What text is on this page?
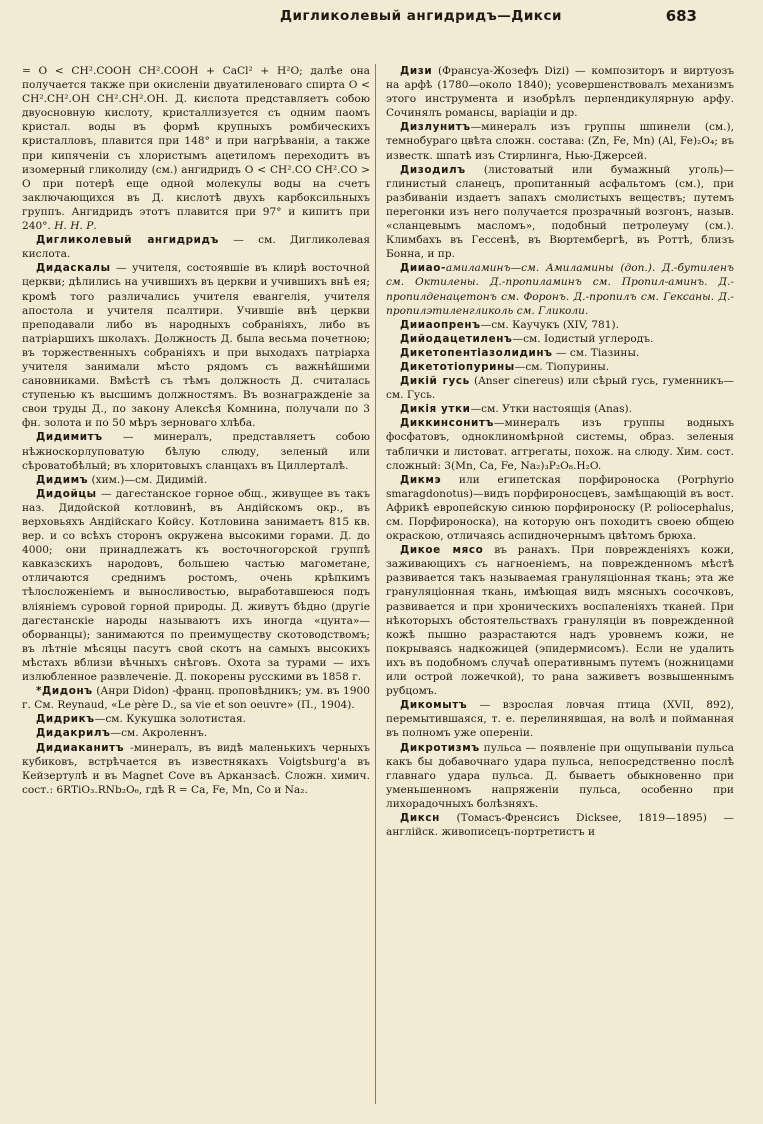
Дигликолевый ангидридъ—Дикси	683

= O < CH².COOH CH².COOH + CaCl² + H²O; далѣе она получается также при окисленіи двуатиленоваго спирта O < CH².CH².OH CH².CH².OH. Д. кислота представляетъ собою двуосновную кислоту, кристаллизуется съ одним паомъ кристал. воды въ формѣ крупныхъ ромбическихъ кристалловъ, плавится при 148° и при нагрѣваніи, а также при кипяченіи съ хлористымъ ацетиломъ переходитъ въ изомерный гликолиду (см.) ангидридъ O < CH².CO CH².CO > O при потерѣ еще одной молекулы воды на счетъ заключающихся въ Д. кислотѣ двухъ карбоксильныхъ группъ. Ангидридъ этотъ плавится при 97° и кипитъ при 240°. Н. Н. Р.

Дигликолевый ангидридъ — см. Дигликолевая кислота.

Дидаскалы — учителя, состоявшіе въ клирѣ восточной церкви; дѣлились на учившихъ въ церкви и учившихъ внѣ ея; кромѣ того различались учителя евангелія, учителя апостола и учителя псалтири. Учившіе внѣ церкви преподавали либо въ народныхъ собраніяхъ, либо въ патріаршихъ школахъ. Должность Д. была весьма почетною; въ торжественныхъ собраніяхъ и при выходахъ патріарха учителя занимали мѣсто рядомъ съ важнѣйшими сановниками. Вмѣстѣ съ тѣмъ должность Д. считалась ступенью къ высшимъ должностямъ. Въ вознагражденіе за свои труды Д., по закону Алексѣя Комнина, получали по 3 фн. золота и по 50 мѣръ зерноваго хлѣба.

Дидимитъ — минералъ, представляетъ собою нѣжноскорлуповатую бѣлую слюду, зеленый или сѣроватобѣлый; въ хлоритовыхъ сланцахъ въ Циллерталѣ.

Дидимъ (хим.)—см. Дидимій.

Дидойцы — дагестанское горное общ., живущее въ такъ наз. Дидойской котловинѣ, въ Андійскомъ окр., въ верховьяхъ Андійскаго Койсу. Котловина занимаетъ 815 кв. вер. и со всѣхъ сторонъ окружена высокими горами. Д. до 4000; они принадлежатъ къ восточногорской группѣ кавказскихъ народовъ, большею частью магометане, отличаются среднимъ ростомъ, очень крѣпкимъ тѣлосложеніемъ и выносливостью, выработавшеюся подъ вліяніемъ суровой горной природы. Д. живутъ бѣдно (другіе дагестанскіе народы называютъ ихъ иногда «цунта»—оборванцы); занимаются по преимуществу скотоводствомъ; въ лѣтніе мѣсяцы пасутъ свой скотъ на самыхъ высокихъ мѣстахъ вблизи вѣчныхъ снѣговъ. Охота за турами — ихъ излюбленное развлеченіе. Д. покорены русскими въ 1858 г.

*Дидонъ (Анри Didon) -франц. проповѣдникъ; ум. въ 1900 г. См. Reynaud, «Le père D., sa vie et son oeuvre» (П., 1904).

Дидрикъ—см. Кукушка золотистая.

Дидакрилъ—см. Акроленнъ.

Дидиаканитъ -минералъ, въ видѣ маленькихъ черныхъ кубиковъ, встрѣчается въ известнякахъ Voigtsburg'а въ Кейзертулѣ и въ Magnet Cove въ Арканзасѣ. Сложн. химич. сост.: 6RTiO₃.RNb₂O₆, гдѣ R = Ca, Fe, Mn, Co и Na₂.

Дизи (Франсуа-Жозефъ Dizi) — композиторъ и виртуозъ на арфѣ (1780—около 1840); усовершенствовалъ механизмъ этого инструмента и изобрѣлъ перпендикулярную арфу. Сочинялъ романсы, варіаціи и др.

Дизлунитъ—минералъ изъ группы шпинели (см.), темнобураго цвѣта сложн. состава: (Zn, Fe, Mn) (Al, Fe)₂O₄; въ известк. шпатѣ изъ Стирлинга, Нью-Джерсей.

Дизодилъ (листоватый или бумажный уголь)—глинистый сланецъ, пропитанный асфальтомъ (см.), при разбиваніи издаетъ запахъ смолистыхъ веществъ; путемъ перегонки изъ него получается прозрачный возгонъ, назыв. «сланцевымъ масломъ», подобный петролеуму (см.). Климбахъ въ Гессенѣ, въ Вюртембергѣ, въ Роттѣ, близъ Бонна, и пр.

Дииао-амиламинъ—см. Амиламины (доп.). Д.-бутиленъ см. Октилены. Д.-пропиламинъ см. Пропил-аминъ. Д.-пропилденацетонъ см. Форонъ. Д.-пропилъ см. Гексаны. Д.-пропилэтиленгликоль см. Гликоли.

Дииаопренъ—см. Каучукъ (XIV, 781).

Дийодацетиленъ—см. Іодистый углеродъ.

Дикетопентіазолидинъ — см. Тіазины.

Дикетотіопурины—см. Тіопурины.

Дикій гусь (Anser cinereus) или сѣрый гусь, гуменникъ—см. Гусь.

Дикія утки—см. Утки настоящія (Anas).

Диккинсонитъ—минералъ изъ группы водныхъ фосфатовъ, одноклиномѣрной системы, образ. зеленыя таблички и листоват. аггрегаты, похож. на слюду. Хим. сост. сложный: 3(Mn, Ca, Fe, Na₂)₃P₂O₈.H₂O.

Дикмэ или египетская порфироноска (Porphyrio smaragdonotus)—видъ порфироносцевъ, замѣщающій въ вост. Африкѣ европейскую синюю порфироноску (P. poliocephalus, см. Порфироноска), на которую онъ походитъ своею общею окраскою, отличаясь аспидночернымъ цвѣтомъ брюха.

Дикое мясо въ ранахъ. При повреждeніяхъ кожи, заживающихъ съ нагноеніемъ, на поврежденномъ мѣстѣ развивается такъ называемая грануляціонная ткань; эта же грануляціонная ткань, имѣющая видъ мясныхъ сосочковъ, развивается и при хроническихъ воспаленіяхъ тканей. При нѣкоторыхъ обстоятельствахъ грануляціи въ поврежденной кожѣ пышно разрастаются надъ уровнемъ кожи, не покрываясь надкожицей (эпидермисомъ). Если не удалить ихъ въ подобномъ случаѣ оперативнымъ путемъ (ножницами или острой ложечкой), то рана заживетъ возвышеннымъ рубцомъ.

Дикомытъ — взрослая ловчая птица (XVII, 892), перемытившаяся, т. е. перелинявшая, на волѣ и пойманная въ полномъ уже опереніи.

Дикротизмъ пульса — появленіе при ощупываніи пульса какъ бы добавочнаго удара пульса, непосредственно послѣ главнаго удара пульса. Д. бываетъ обыкновенно при уменьшенномъ напряженіи пульса, особенно при лихорадочныхъ болѣзняхъ.

Диксн (Томасъ-Френсисъ Dicksee, 1819—1895) — англійск. живописецъ-портретистъ и
